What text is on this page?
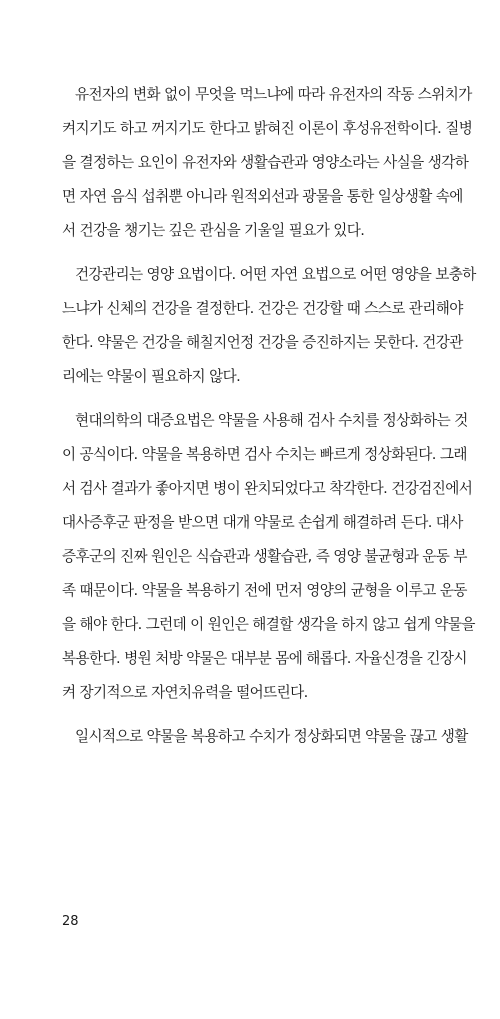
유전자의 변화 없이 무엇을 먹느냐에 따라 유전자의 작동 스위치가
켜지기도 하고 꺼지기도 한다고 밝혀진 이론이 후성유전학이다. 질병
을 결정하는 요인이 유전자와 생활습관과 영양소라는 사실을 생각하
면 자연 음식 섭취뿐 아니라 원적외선과 광물을 통한 일상생활 속에
서 건강을 챙기는 깊은 관심을 기울일 필요가 있다.

건강관리는 영양 요법이다. 어떤 자연 요법으로 어떤 영양을 보충하
느냐가 신체의 건강을 결정한다. 건강은 건강할 때 스스로 관리해야
한다. 약물은 건강을 해칠지언정 건강을 증진하지는 못한다. 건강관
리에는 약물이 필요하지 않다.

현대의학의 대증요법은 약물을 사용해 검사 수치를 정상화하는 것
이 공식이다. 약물을 복용하면 검사 수치는 빠르게 정상화된다. 그래
서 검사 결과가 좋아지면 병이 완치되었다고 착각한다. 건강검진에서
대사증후군 판정을 받으면 대개 약물로 손쉽게 해결하려 든다. 대사
증후군의 진짜 원인은 식습관과 생활습관, 즉 영양 불균형과 운동 부
족 때문이다. 약물을 복용하기 전에 먼저 영양의 균형을 이루고 운동
을 해야 한다. 그런데 이 원인은 해결할 생각을 하지 않고 쉽게 약물을
복용한다. 병원 처방 약물은 대부분 몸에 해롭다. 자율신경을 긴장시
켜 장기적으로 자연치유력을 떨어뜨린다.

일시적으로 약물을 복용하고 수치가 정상화되면 약물을 끊고 생활

28
